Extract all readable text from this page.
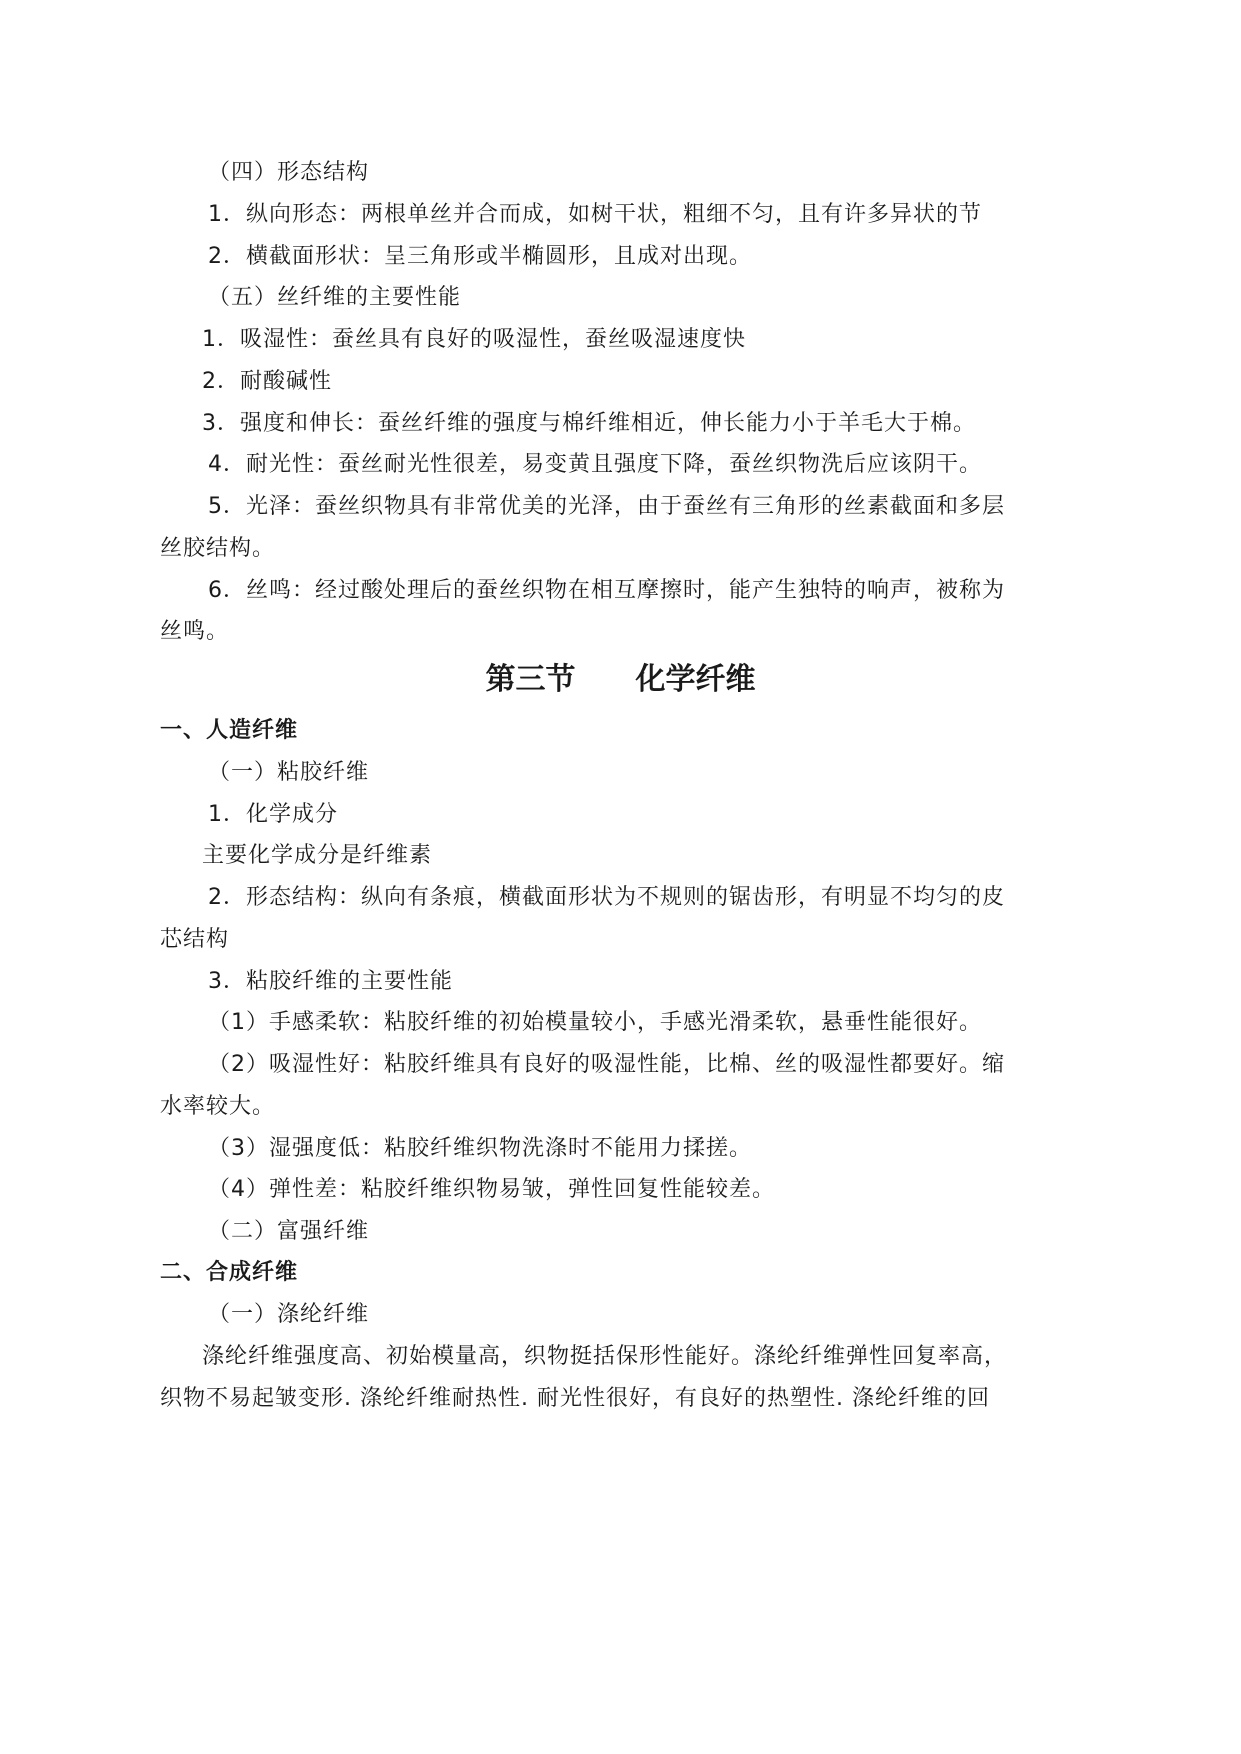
（四）形态结构
1．纵向形态：两根单丝并合而成，如树干状，粗细不匀，且有许多异状的节
2．横截面形状：呈三角形或半椭圆形，且成对出现。
（五）丝纤维的主要性能
1．吸湿性：蚕丝具有良好的吸湿性，蚕丝吸湿速度快
2．耐酸碱性
3．强度和伸长：蚕丝纤维的强度与棉纤维相近，伸长能力小于羊毛大于棉。
4．耐光性：蚕丝耐光性很差，易变黄且强度下降，蚕丝织物洗后应该阴干。
5．光泽：蚕丝织物具有非常优美的光泽，由于蚕丝有三角形的丝素截面和多层
丝胶结构。
6．丝鸣：经过酸处理后的蚕丝织物在相互摩擦时，能产生独特的响声，被称为
丝鸣。
第三节　　化学纤维
一、人造纤维
（一）粘胶纤维
1．化学成分
主要化学成分是纤维素
2．形态结构：纵向有条痕，横截面形状为不规则的锯齿形，有明显不均匀的皮
芯结构
3．粘胶纤维的主要性能
（1）手感柔软：粘胶纤维的初始模量较小，手感光滑柔软，悬垂性能很好。
（2）吸湿性好：粘胶纤维具有良好的吸湿性能，比棉、丝的吸湿性都要好。缩
水率较大。
（3）湿强度低：粘胶纤维织物洗涤时不能用力揉搓。
（4）弹性差：粘胶纤维织物易皱，弹性回复性能较差。
（二）富强纤维
二、合成纤维
（一）涤纶纤维
涤纶纤维强度高、初始模量高，织物挺括保形性能好。涤纶纤维弹性回复率高，
织物不易起皱变形. 涤纶纤维耐热性. 耐光性很好，有良好的热塑性. 涤纶纤维的回
